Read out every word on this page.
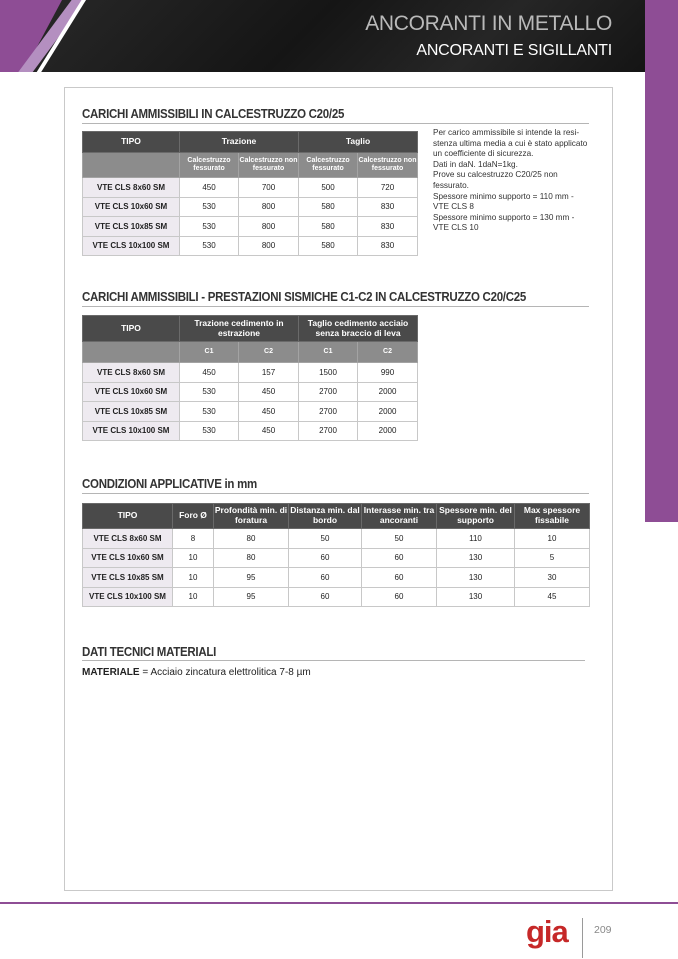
ANCORANTI IN METALLO
ANCORANTI E SIGILLANTI
CARICHI AMMISSIBILI IN CALCESTRUZZO C20/25
TIPO	Trazione		Taglio	
	Calcestruzzo fessurato	Calcestruzzo non fessurato	Calcestruzzo fessurato	Calcestruzzo non fessurato
VTE CLS 8x60 SM	450	700	500	720
VTE CLS 10x60 SM	530	800	580	830
VTE CLS 10x85 SM	530	800	580	830
VTE CLS 10x100 SM	530	800	580	830
Per carico ammissibile si intende la resi-
stenza ultima media a cui è stato applicato
un coefficiente di sicurezza.
Dati in daN. 1daN=1kg.
Prove su calcestruzzo C20/25 non
fessurato.
Spessore minimo supporto = 110 mm -
VTE CLS 8
Spessore minimo supporto = 130 mm -
VTE CLS 10
CARICHI AMMISSIBILI - PRESTAZIONI SISMICHE C1-C2 IN CALCESTRUZZO C20/C25
TIPO	Trazione cedimento in estrazione		Taglio cedimento acciaio senza braccio di leva	
	C1	C2	C1	C2
VTE CLS 8x60 SM	450	157	1500	990
VTE CLS 10x60 SM	530	450	2700	2000
VTE CLS 10x85 SM	530	450	2700	2000
VTE CLS 10x100 SM	530	450	2700	2000
CONDIZIONI APPLICATIVE in mm
TIPO	Foro Ø	Profondità min. di foratura	Distanza min. dal bordo	Interasse min. tra ancoranti	Spessore min. del supporto	Max spessore fissabile
VTE CLS 8x60 SM	8	80	50	50	110	10
VTE CLS 10x60 SM	10	80	60	60	130	5
VTE CLS 10x85 SM	10	95	60	60	130	30
VTE CLS 10x100 SM	10	95	60	60	130	45
DATI TECNICI MATERIALI
MATERIALE = Acciaio zincatura elettrolitica 7-8 µm
gia 209
